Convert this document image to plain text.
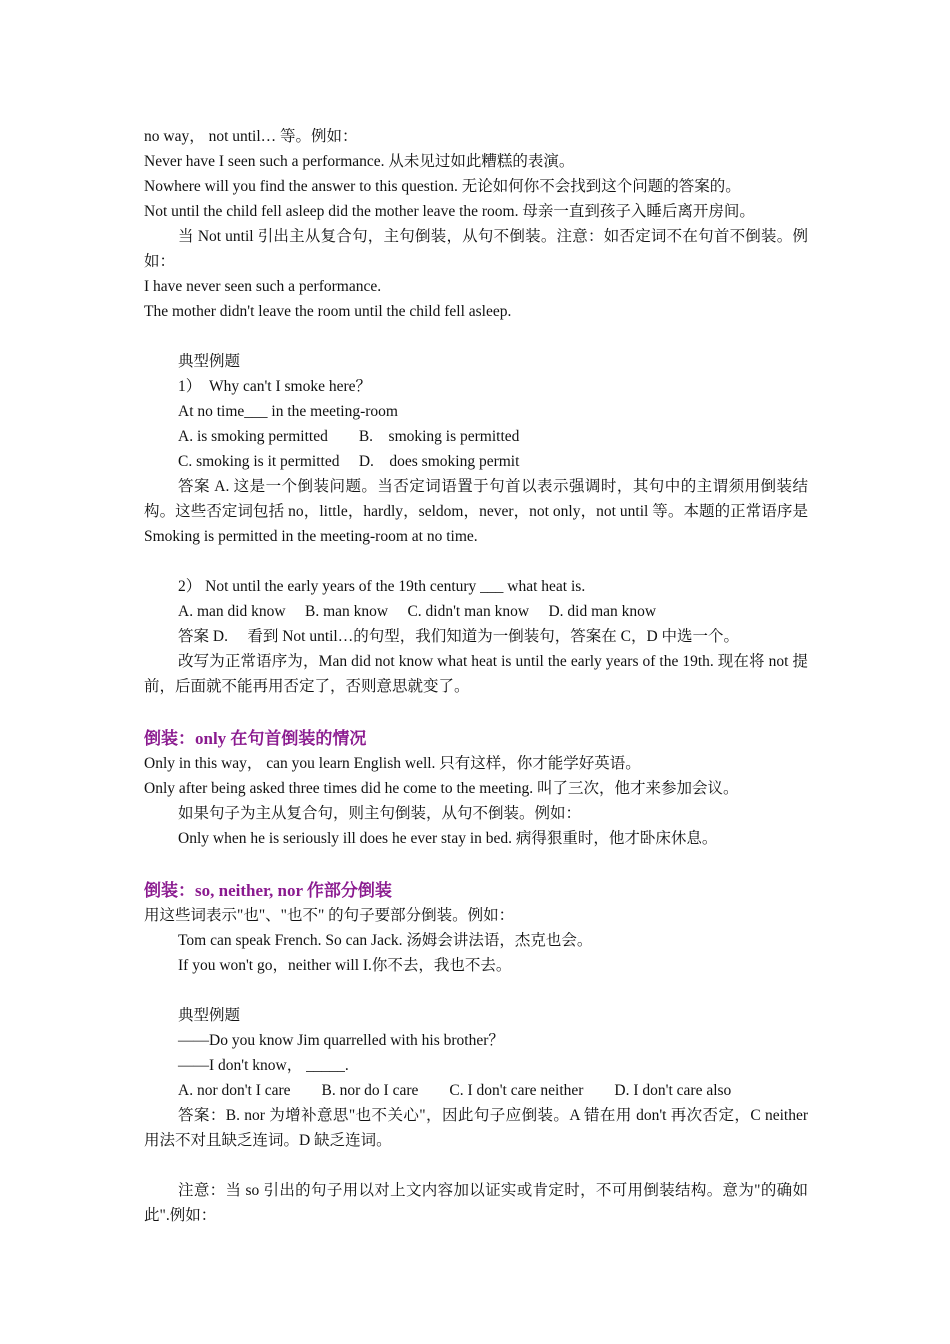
no way， not until… 等。例如：
Never have I seen such a performance. 从未见过如此糟糕的表演。
Nowhere will you find the answer to this question. 无论如何你不会找到这个问题的答案的。
Not until the child fell asleep did the mother leave the room. 母亲一直到孩子入睡后离开房间。
当 Not until 引出主从复合句，主句倒装，从句不倒装。注意：如否定词不在句首不倒装。例如：
I have never seen such a performance.
The mother didn't leave the room until the child fell asleep.
典型例题
1）　Why can't I smoke here？
At no time___ in the meeting-room
A. is smoking permitted　　B.　smoking is permitted
C. smoking is it permitted　 D.　does smoking permit
答案 A. 这是一个倒装问题。当否定词语置于句首以表示强调时，其句中的主谓须用倒装结构。这些否定词包括 no，little，hardly，seldom，never，not only，not until 等。本题的正常语序是 Smoking is permitted in the meeting-room at no time.
2） Not until the early years of the 19th century ___ what heat is.
A. man did know　 B. man know　 C. didn't man know　 D. did man know
答案 D.　 看到 Not until…的句型，我们知道为一倒装句，答案在 C，D 中选一个。
改写为正常语序为，Man did not know what heat is until the early years of the 19th. 现在将 not 提前，后面就不能再用否定了，否则意思就变了。
倒装：only 在句首倒装的情况
Only in this way， can you learn English well. 只有这样，你才能学好英语。
Only after being asked three times did he come to the meeting. 叫了三次，他才来参加会议。
如果句子为主从复合句，则主句倒装，从句不倒装。例如：
Only when he is seriously ill does he ever stay in bed. 病得狠重时，他才卧床休息。
倒装：so, neither, nor 作部分倒装
用这些词表示"也"、"也不" 的句子要部分倒装。例如：
Tom can speak French. So can Jack. 汤姆会讲法语，杰克也会。
If you won't go，neither will I.你不去，我也不去。
典型例题
——Do you know Jim quarrelled with his brother？
——I don't know， _____.
A. nor don't I care　　B. nor do I care　　C. I don't care neither　　D. I don't care also
答案：B. nor 为增补意思"也不关心"，因此句子应倒装。A 错在用 don't 再次否定，C neither 用法不对且缺乏连词。D 缺乏连词。
注意：当 so 引出的句子用以对上文内容加以证实或肯定时，不可用倒装结构。意为"的确如此".例如：
